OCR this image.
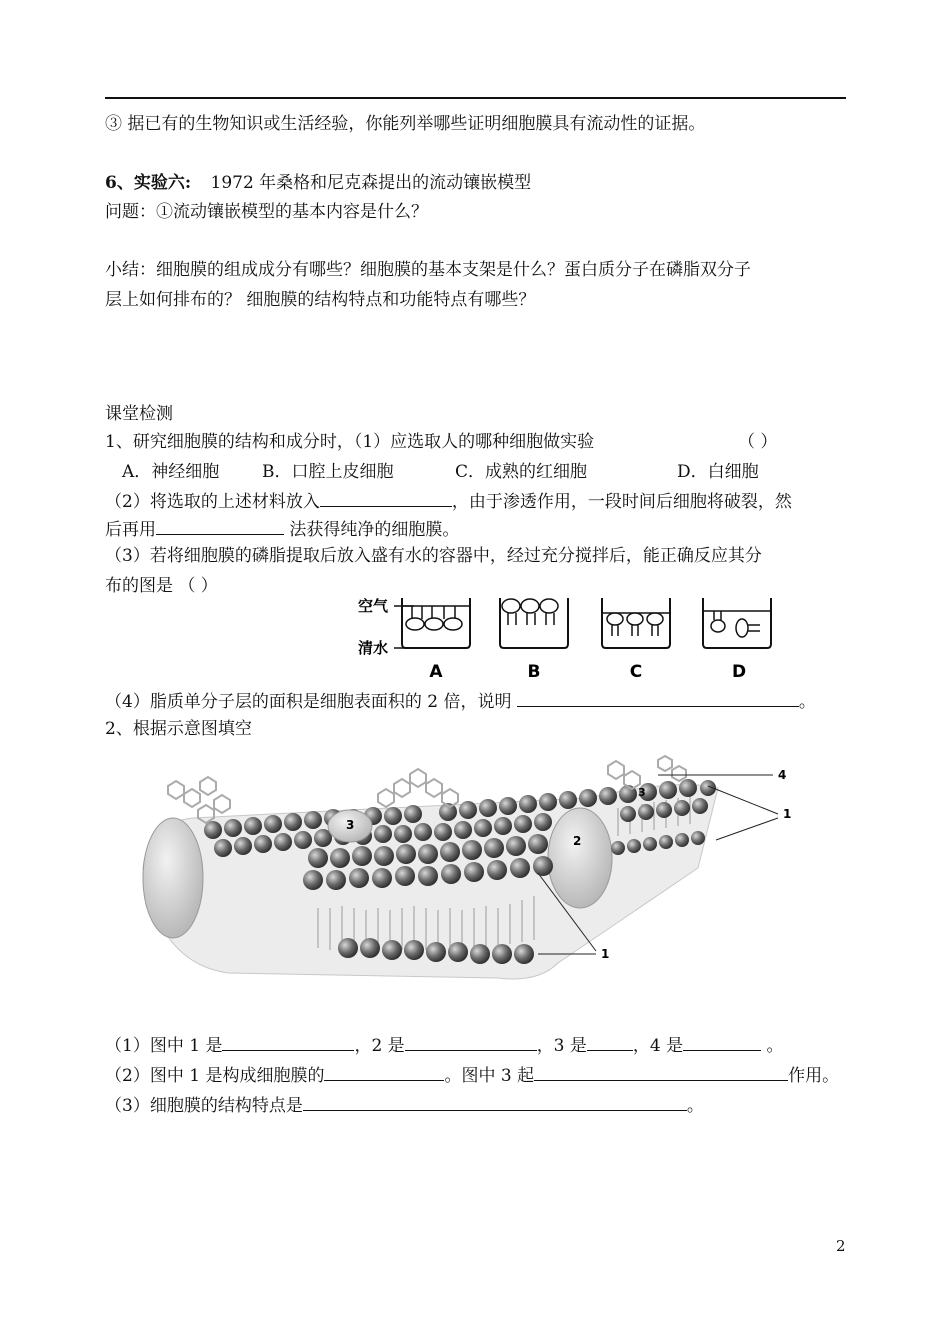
③ 据已有的生物知识或生活经验，你能列举哪些证明细胞膜具有流动性的证据。
6、实验六: 1972 年桑格和尼克森提出的流动镶嵌模型
问题：①流动镶嵌模型的基本内容是什么？
小结：细胞膜的组成成分有哪些？细胞膜的基本支架是什么？蛋白质分子在磷脂双分子
层上如何排布的？ 细胞膜的结构特点和功能特点有哪些？
课堂检测
1、研究细胞膜的结构和成分时，（1）应选取人的哪种细胞做实验	（ ）
A．神经细胞	B．口腔上皮细胞	C．成熟的红细胞	D．白细胞
（2）将选取的上述材料放入	，由于渗透作用，一段时间后细胞将破裂，然
后再用	法获得纯净的细胞膜。
（3）若将细胞膜的磷脂提取后放入盛有水的容器中，经过充分搅拌后，能正确反应其分
布的图是 （ ）
空气
清水
A	B	C	D
（4）脂质单分子层的面积是细胞表面积的 2 倍，说明	。
2、根据示意图填空
1
2
3
3
4
1
（1）图中 1 是	，2 是	，3 是	，4 是	。
（2）图中 1 是构成细胞膜的	。图中 3 起	作用。
（3）细胞膜的结构特点是	。
2
